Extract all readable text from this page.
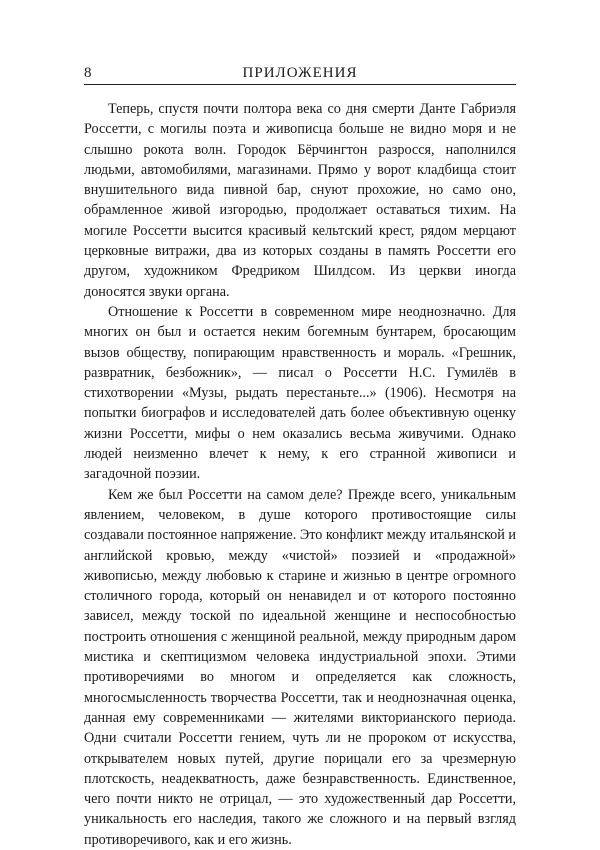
8	ПРИЛОЖЕНИЯ

Теперь, спустя почти полтора века со дня смерти Данте Габриэля Россетти, с могилы поэта и живописца больше не видно моря и не слышно рокота волн. Городок Бёрчингтон разросся, наполнился людьми, автомобилями, магазинами. Прямо у ворот кладбища стоит внушительного вида пивной бар, снуют прохожие, но само оно, обрамленное живой изгородью, продолжает оставаться тихим. На могиле Россетти высится красивый кельтский крест, рядом мерцают церковные витражи, два из которых созданы в память Россетти его другом, художником Фредриком Шилдсом. Из церкви иногда доносятся звуки органа.

Отношение к Россетти в современном мире неоднозначно. Для многих он был и остается неким богемным бунтарем, бросающим вызов обществу, попирающим нравственность и мораль. «Грешник, развратник, безбожник», — писал о Россетти Н.С. Гумилёв в стихотворении «Музы, рыдать перестаньте...» (1906). Несмотря на попытки биографов и исследователей дать более объективную оценку жизни Россетти, мифы о нем оказались весьма живучими. Однако людей неизменно влечет к нему, к его странной живописи и загадочной поэзии.

Кем же был Россетти на самом деле? Прежде всего, уникальным явлением, человеком, в душе которого противостоящие силы создавали постоянное напряжение. Это конфликт между итальянской и английской кровью, между «чистой» поэзией и «продажной» живописью, между любовью к старине и жизнью в центре огромного столичного города, который он ненавидел и от которого постоянно зависел, между тоской по идеальной женщине и неспособностью построить отношения с женщиной реальной, между природным даром мистика и скептицизмом человека индустриальной эпохи. Этими противоречиями во многом и определяется как сложность, многосмысленность творчества Россетти, так и неоднозначная оценка, данная ему современниками — жителями викторианского периода. Одни считали Россетти гением, чуть ли не пророком от искусства, открывателем новых путей, другие порицали его за чрезмерную плотскость, неадекватность, даже безнравственность. Единственное, чего почти никто не отрицал, — это художественный дар Россетти, уникальность его наследия, такого же сложного и на первый взгляд противоречивого, как и его жизнь.
